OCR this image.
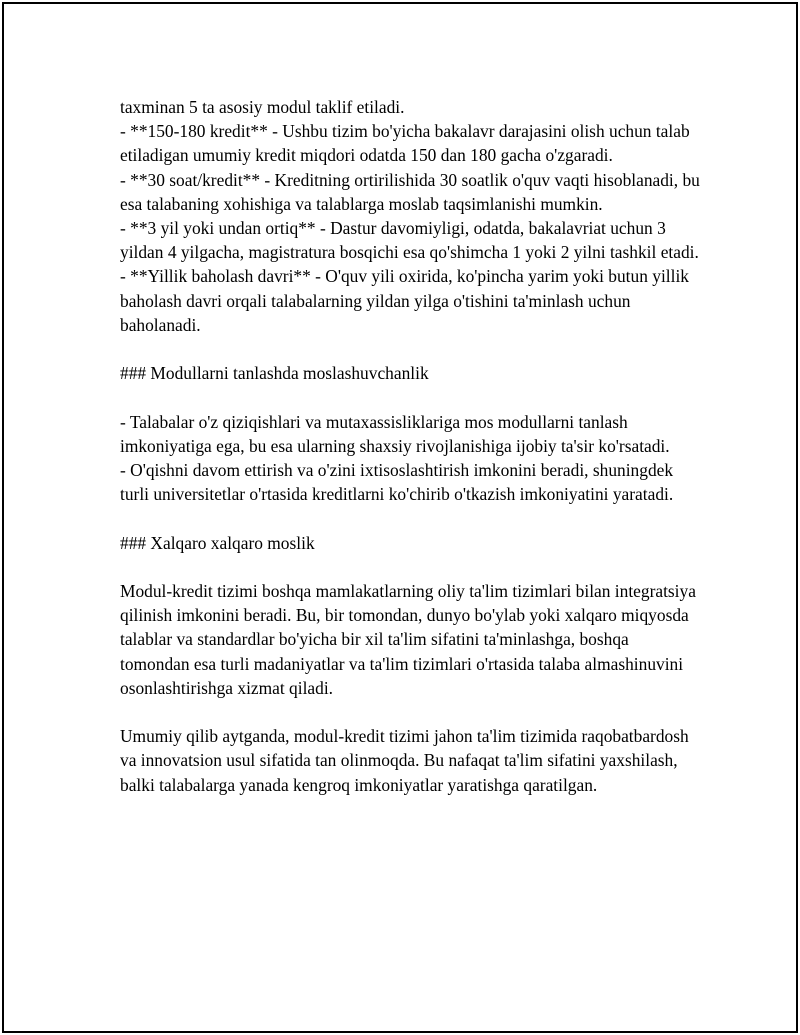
taxminan 5 ta asosiy modul taklif etiladi.

- **150-180 kredit** - Ushbu tizim bo'yicha bakalavr darajasini olish uchun talab etiladigan umumiy kredit miqdori odatda 150 dan 180 gacha o'zgaradi.

- **30 soat/kredit** - Kreditning ortirilishida 30 soatlik o'quv vaqti hisoblanadi, bu esa talabaning xohishiga va talablarga moslab taqsimlanishi mumkin.

- **3 yil yoki undan ortiq** - Dastur davomiyligi, odatda, bakalavriat uchun 3 yildan 4 yilgacha, magistratura bosqichi esa qo'shimcha 1 yoki 2 yilni tashkil etadi.

- **Yillik baholash davri** - O'quv yili oxirida, ko'pincha yarim yoki butun yillik baholash davri orqali talabalarning yildan yilga o'tishini ta'minlash uchun baholanadi.

### Modullarni tanlashda moslashuvchanlik

- Talabalar o'z qiziqishlari va mutaxassisliklariga mos modullarni tanlash imkoniyatiga ega, bu esa ularning shaxsiy rivojlanishiga ijobiy ta'sir ko'rsatadi.

- O'qishni davom ettirish va o'zini ixtisoslashtirish imkonini beradi, shuningdek turli universitetlar o'rtasida kreditlarni ko'chirib o'tkazish imkoniyatini yaratadi.

### Xalqaro xalqaro moslik

Modul-kredit tizimi boshqa mamlakatlarning oliy ta'lim tizimlari bilan integratsiya qilinish imkonini beradi. Bu, bir tomondan, dunyo bo'ylab yoki xalqaro miqyosda talablar va standardlar bo'yicha bir xil ta'lim sifatini ta'minlashga, boshqa tomondan esa turli madaniyatlar va ta'lim tizimlari o'rtasida talaba almashinuvini osonlashtirishga xizmat qiladi.

Umumiy qilib aytganda, modul-kredit tizimi jahon ta'lim tizimida raqobatbardosh va innovatsion usul sifatida tan olinmoqda. Bu nafaqat ta'lim sifatini yaxshilash, balki talabalarga yanada kengroq imkoniyatlar yaratishga qaratilgan.
